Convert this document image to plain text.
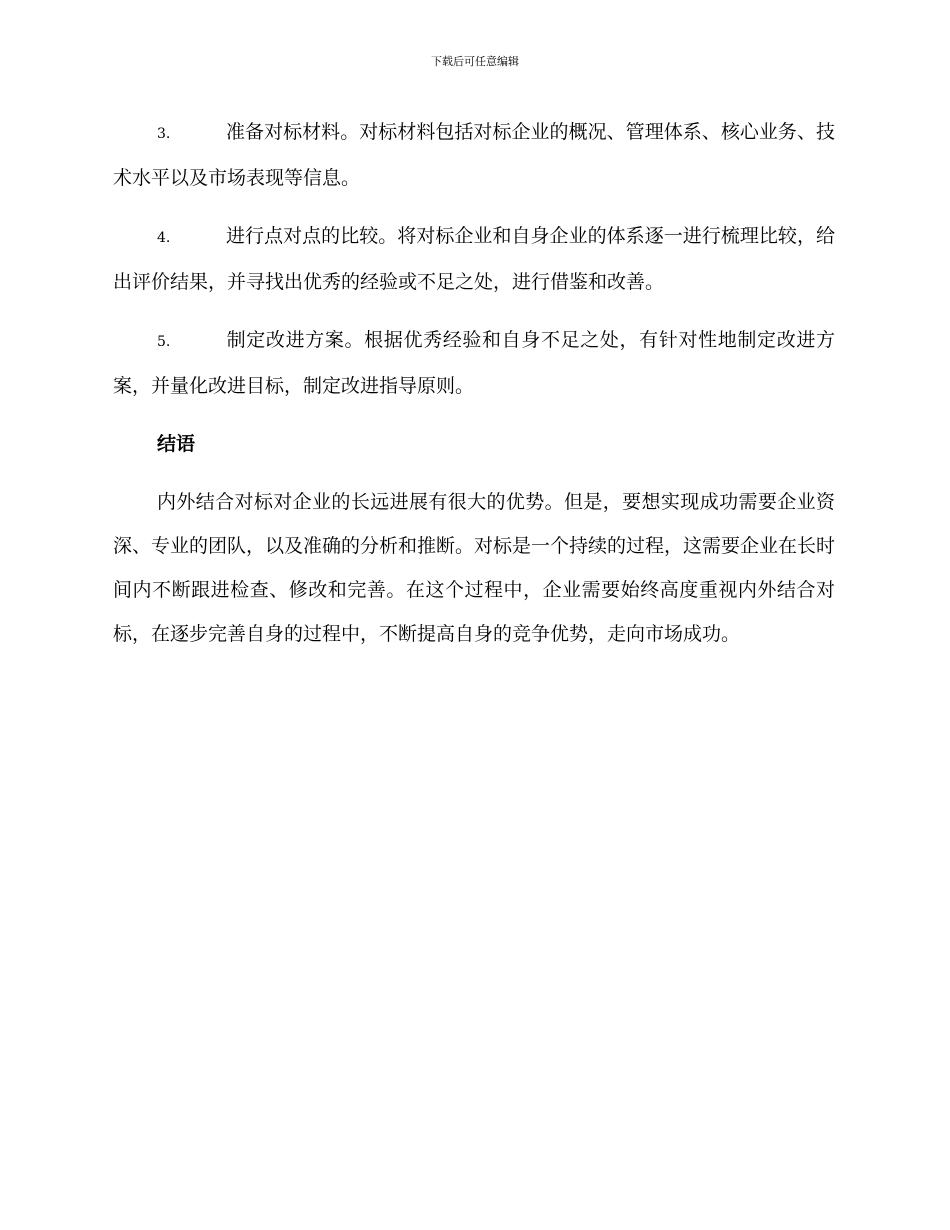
下载后可任意编辑

3.	准备对标材料。对标材料包括对标企业的概况、管理体系、核心业务、技术水平以及市场表现等信息。

4.	进行点对点的比较。将对标企业和自身企业的体系逐一进行梳理比较，给出评价结果，并寻找出优秀的经验或不足之处，进行借鉴和改善。

5.	制定改进方案。根据优秀经验和自身不足之处，有针对性地制定改进方案，并量化改进目标，制定改进指导原则。

结语

内外结合对标对企业的长远进展有很大的优势。但是，要想实现成功需要企业资深、专业的团队，以及准确的分析和推断。对标是一个持续的过程，这需要企业在长时间内不断跟进检查、修改和完善。在这个过程中，企业需要始终高度重视内外结合对标，在逐步完善自身的过程中，不断提高自身的竞争优势，走向市场成功。
